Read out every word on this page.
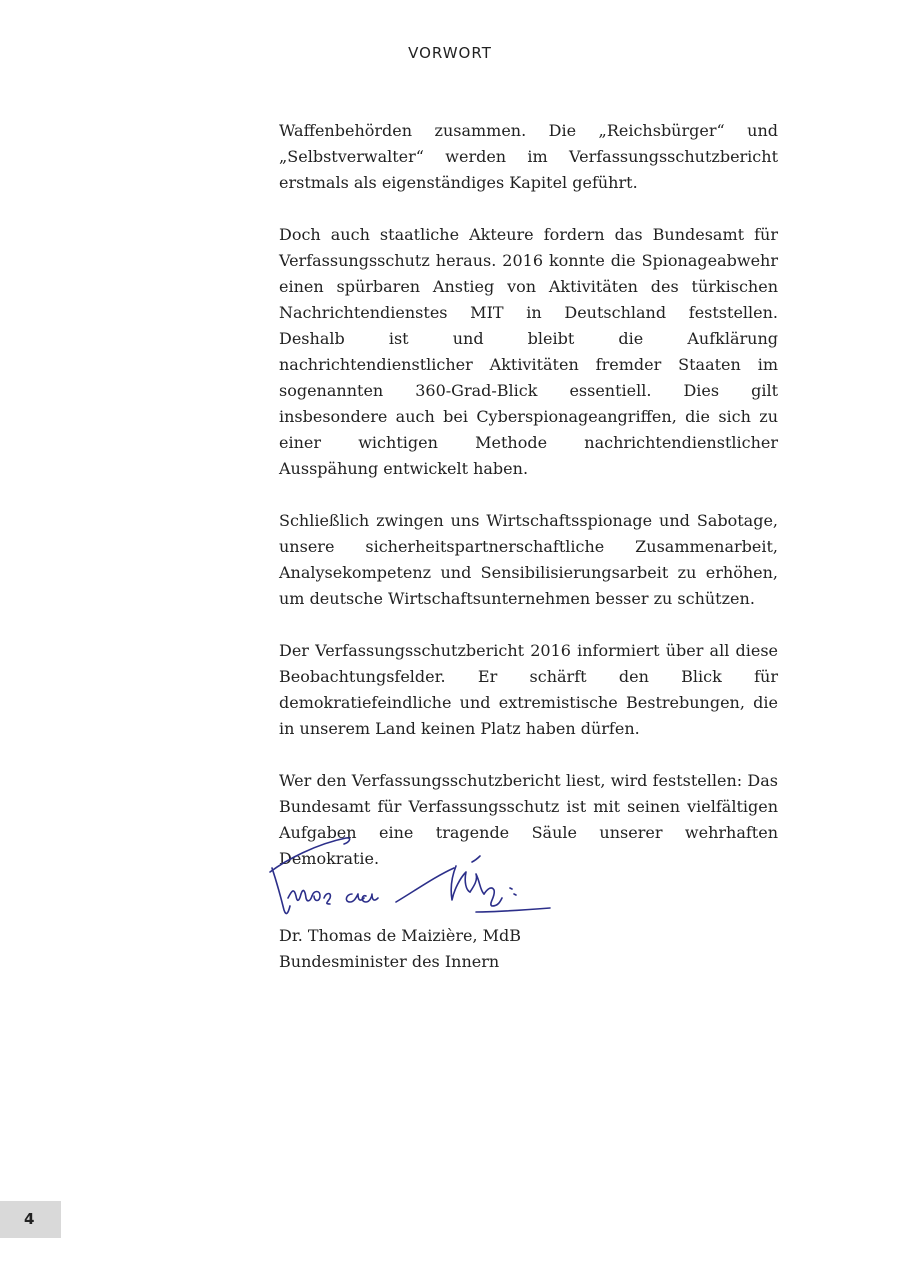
VORWORT

Waffenbehörden zusammen. Die „Reichsbürger“ und „Selbstverwalter“ werden im Verfassungsschutzbericht erstmals als eigenständiges Kapitel geführt.

Doch auch staatliche Akteure fordern das Bundesamt für Verfassungsschutz heraus. 2016 konnte die Spionageabwehr einen spürbaren Anstieg von Aktivitäten des türkischen Nachrichtendienstes MIT in Deutschland feststellen. Deshalb ist und bleibt die Aufklärung nachrichtendienstlicher Aktivitäten fremder Staaten im sogenannten 360-Grad-Blick essentiell. Dies gilt insbesondere auch bei Cyberspionageangriffen, die sich zu einer wichtigen Methode nachrichtendienstlicher Ausspähung entwickelt haben.

Schließlich zwingen uns Wirtschaftsspionage und Sabotage, unsere sicherheitspartnerschaftliche Zusammenarbeit, Analysekompetenz und Sensibilisierungsarbeit zu erhöhen, um deutsche Wirtschaftsunternehmen besser zu schützen.

Der Verfassungsschutzbericht 2016 informiert über all diese Beobachtungsfelder. Er schärft den Blick für demokratiefeindliche und extremistische Bestrebungen, die in unserem Land keinen Platz haben dürfen.

Wer den Verfassungsschutzbericht liest, wird feststellen: Das Bundesamt für Verfassungsschutz ist mit seinen vielfältigen Aufgaben eine tragende Säule unserer wehrhaften Demokratie.

Dr. Thomas de Maizière, MdB
Bundesminister des Innern
4
